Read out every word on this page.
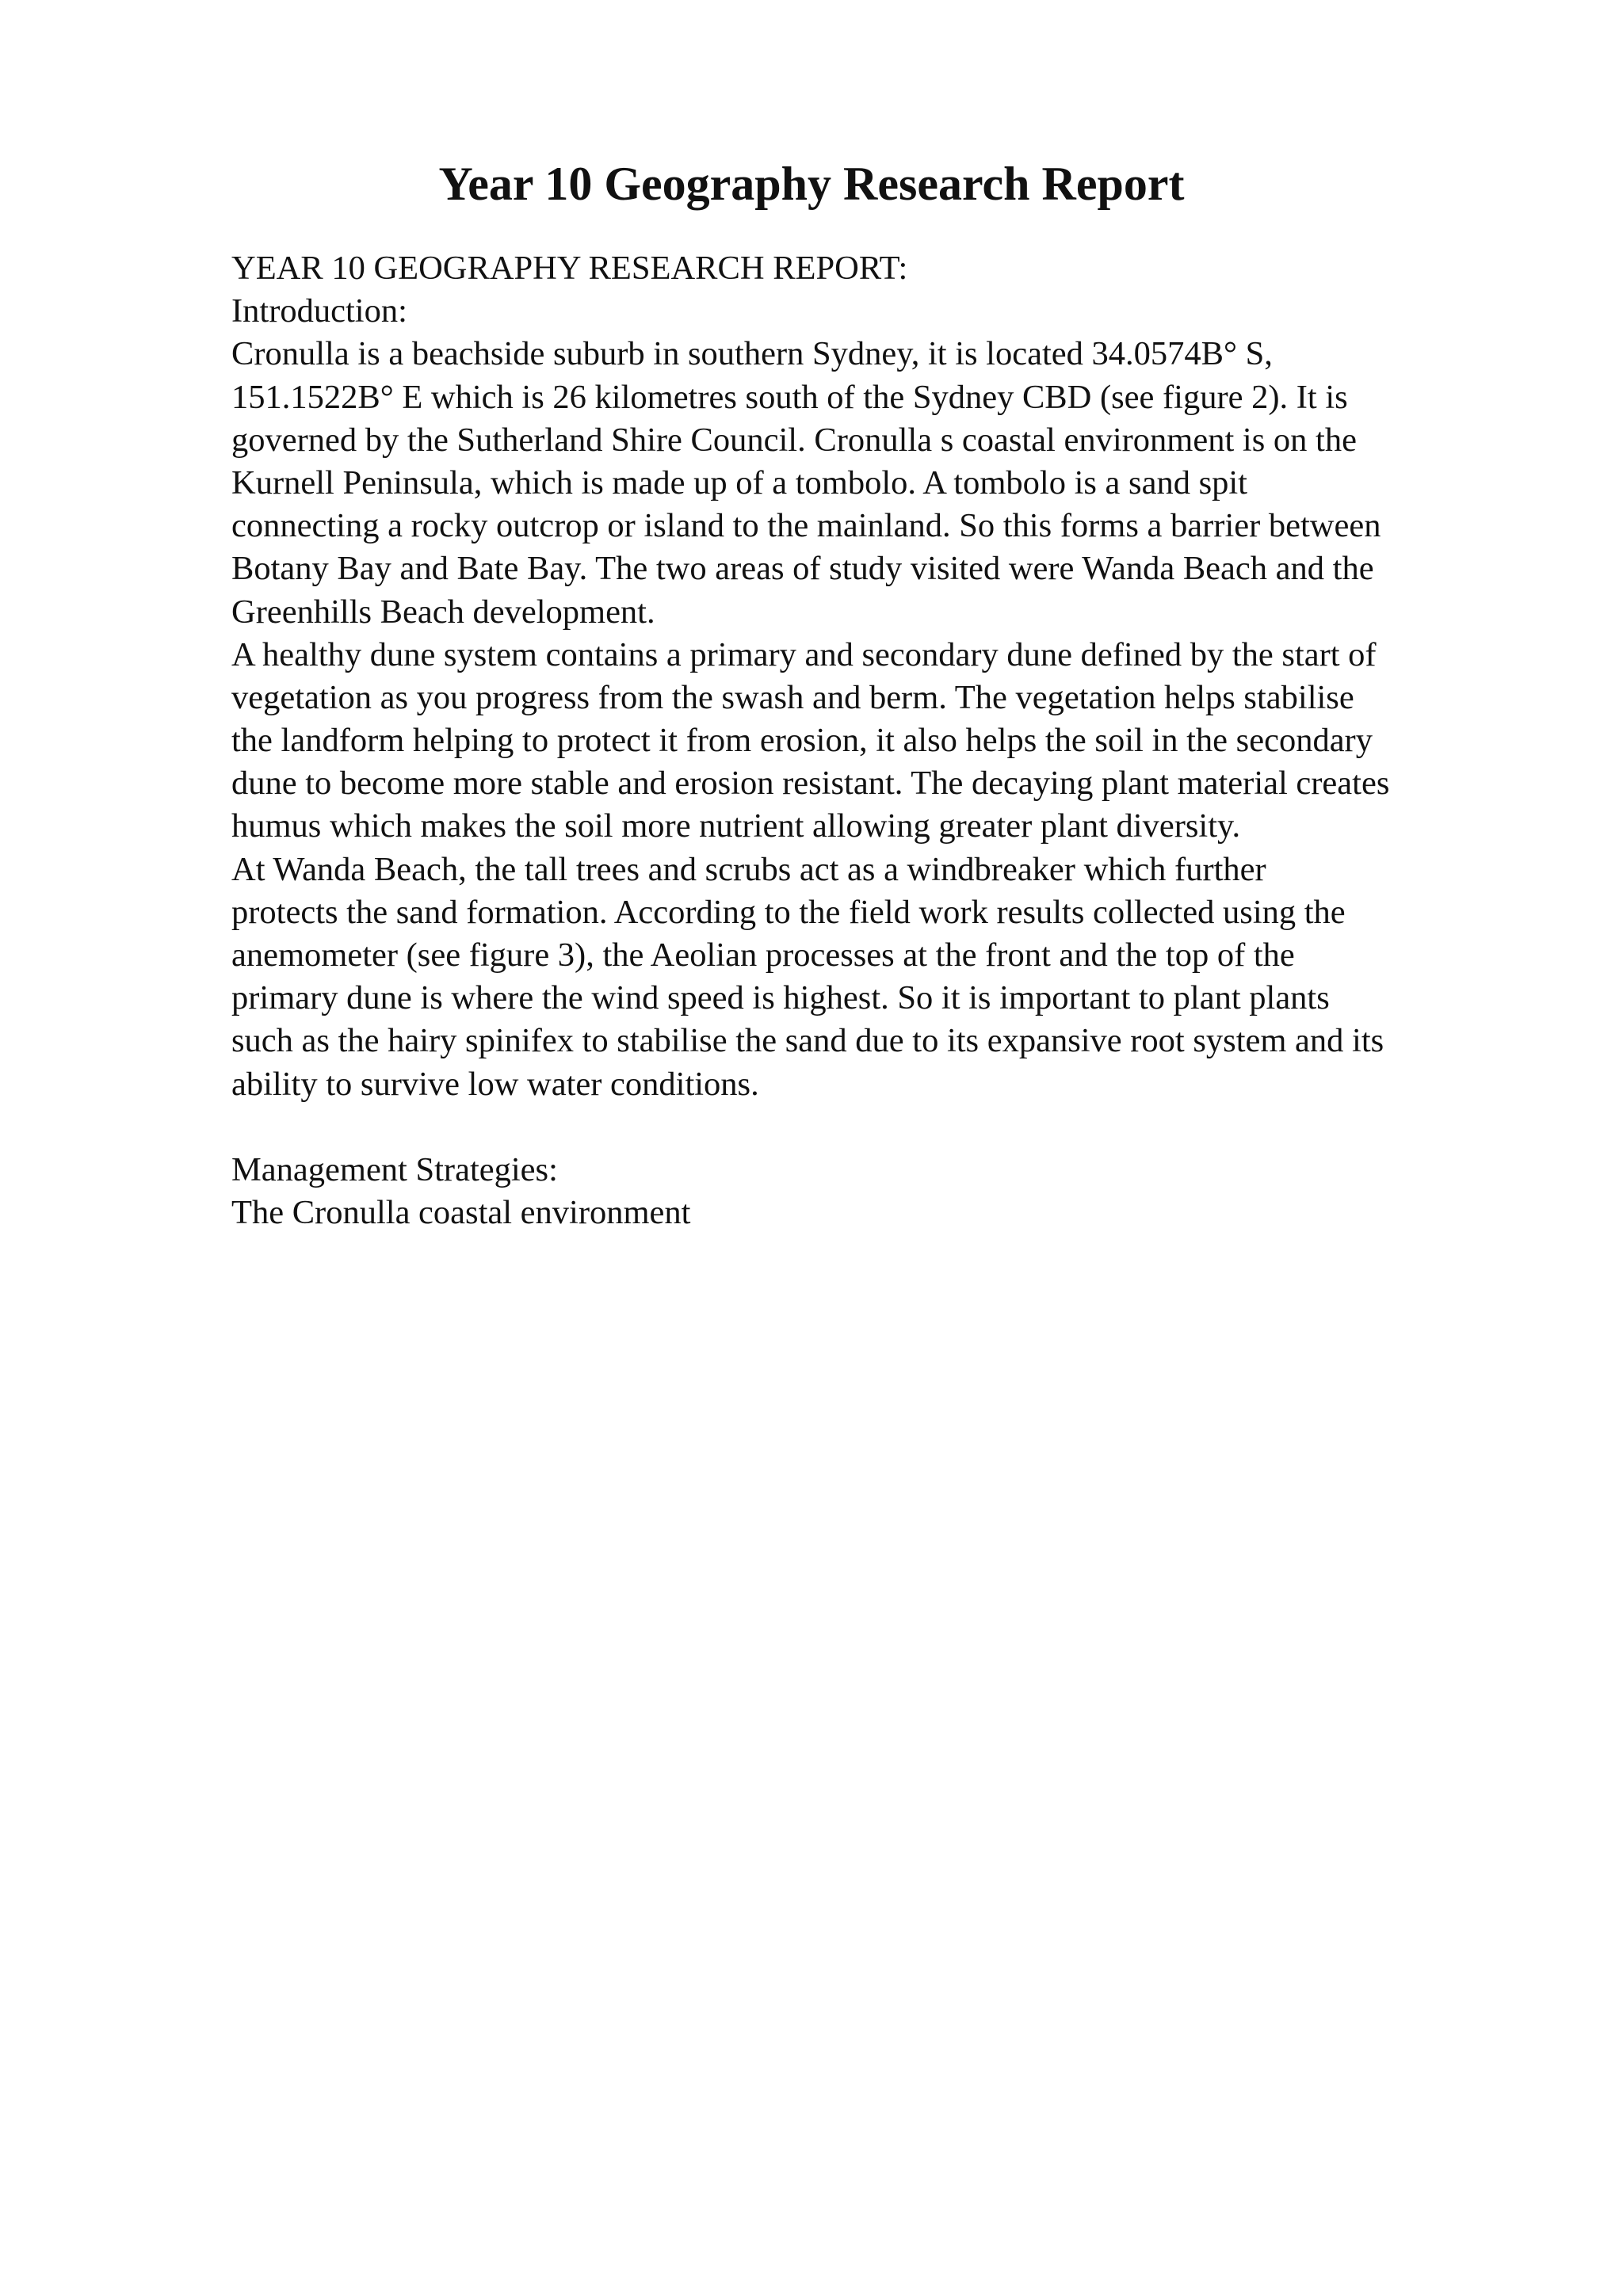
Year 10 Geography Research Report
YEAR 10 GEOGRAPHY RESEARCH REPORT:
Introduction:
Cronulla is a beachside suburb in southern Sydney, it is located 34.0574B° S,
151.1522B° E which is 26 kilometres south of the Sydney CBD (see figure 2). It is
governed by the Sutherland Shire Council. Cronulla s coastal environment is on the
Kurnell Peninsula, which is made up of a tombolo. A tombolo is a sand spit
connecting a rocky outcrop or island to the mainland. So this forms a barrier between
Botany Bay and Bate Bay. The two areas of study visited were Wanda Beach and the
Greenhills Beach development.
A healthy dune system contains a primary and secondary dune defined by the start of
vegetation as you progress from the swash and berm. The vegetation helps stabilise
the landform helping to protect it from erosion, it also helps the soil in the secondary
dune to become more stable and erosion resistant. The decaying plant material creates
humus which makes the soil more nutrient allowing greater plant diversity.
At Wanda Beach, the tall trees and scrubs act as a windbreaker which further
protects the sand formation. According to the field work results collected using the
anemometer (see figure 3), the Aeolian processes at the front and the top of the
primary dune is where the wind speed is highest. So it is important to plant plants
such as the hairy spinifex to stabilise the sand due to its expansive root system and its
ability to survive low water conditions.
Management Strategies:
The Cronulla coastal environment
